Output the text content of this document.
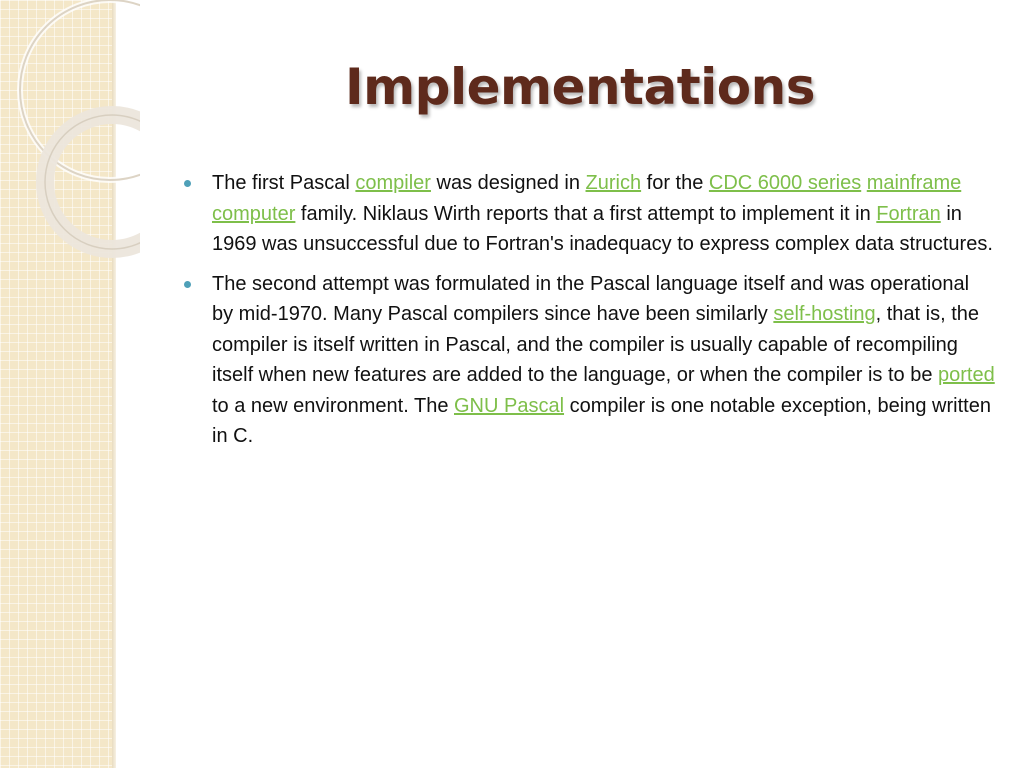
Implementations
The first Pascal compiler was designed in Zurich for the CDC 6000 series mainframe computer family. Niklaus Wirth reports that a first attempt to implement it in Fortran in 1969 was unsuccessful due to Fortran's inadequacy to express complex data structures.
The second attempt was formulated in the Pascal language itself and was operational by mid-1970. Many Pascal compilers since have been similarly self-hosting, that is, the compiler is itself written in Pascal, and the compiler is usually capable of recompiling itself when new features are added to the language, or when the compiler is to be ported to a new environment. The GNU Pascal compiler is one notable exception, being written in C.
